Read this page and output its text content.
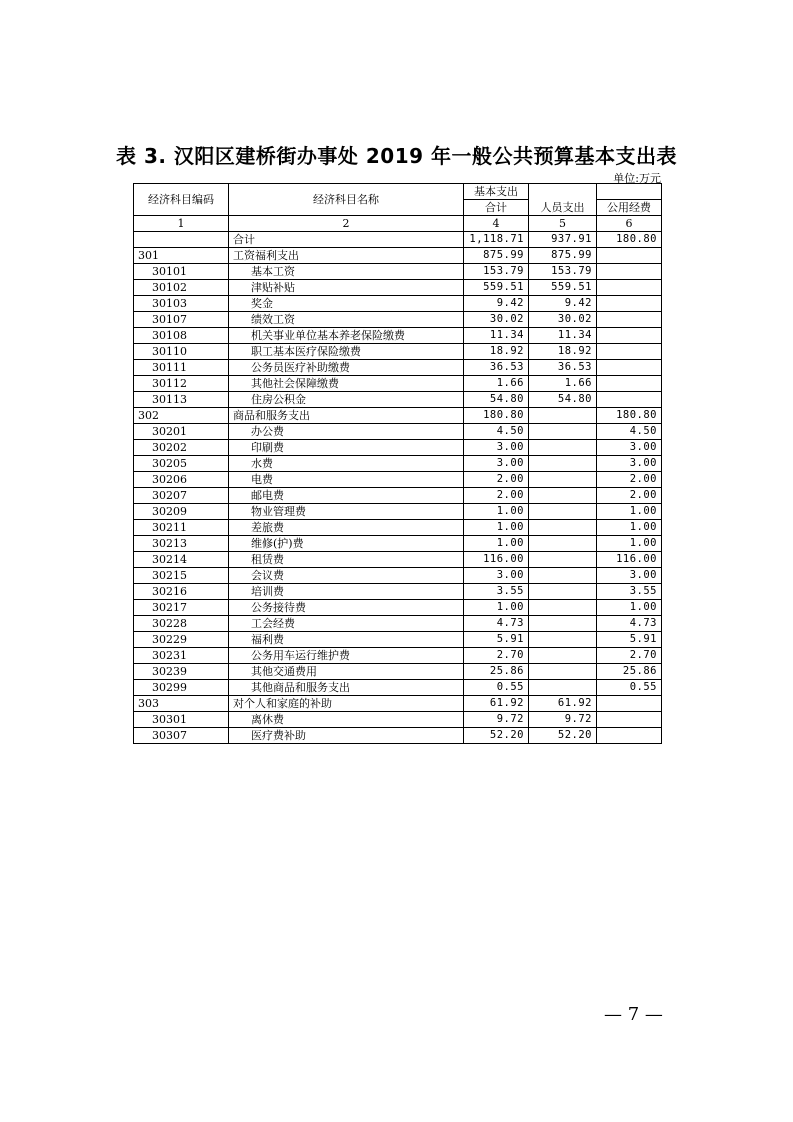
表 3. 汉阳区建桥街办事处 2019 年一般公共预算基本支出表
单位:万元
经济科目编码	经济科目名称	基本支出		
		合计	人员支出	公用经费
1	2	4	5	6
	合计	1,118.71	937.91	180.80
301	工资福利支出	875.99	875.99	
30101	基本工资	153.79	153.79	
30102	津贴补贴	559.51	559.51	
30103	奖金	9.42	9.42	
30107	绩效工资	30.02	30.02	
30108	机关事业单位基本养老保险缴费	11.34	11.34	
30110	职工基本医疗保险缴费	18.92	18.92	
30111	公务员医疗补助缴费	36.53	36.53	
30112	其他社会保障缴费	1.66	1.66	
30113	住房公积金	54.80	54.80	
302	商品和服务支出	180.80		180.80
30201	办公费	4.50		4.50
30202	印刷费	3.00		3.00
30205	水费	3.00		3.00
30206	电费	2.00		2.00
30207	邮电费	2.00		2.00
30209	物业管理费	1.00		1.00
30211	差旅费	1.00		1.00
30213	维修(护)费	1.00		1.00
30214	租赁费	116.00		116.00
30215	会议费	3.00		3.00
30216	培训费	3.55		3.55
30217	公务接待费	1.00		1.00
30228	工会经费	4.73		4.73
30229	福利费	5.91		5.91
30231	公务用车运行维护费	2.70		2.70
30239	其他交通费用	25.86		25.86
30299	其他商品和服务支出	0.55		0.55
303	对个人和家庭的补助	61.92	61.92	
30301	离休费	9.72	9.72	
30307	医疗费补助	52.20	52.20	
— 7 —
